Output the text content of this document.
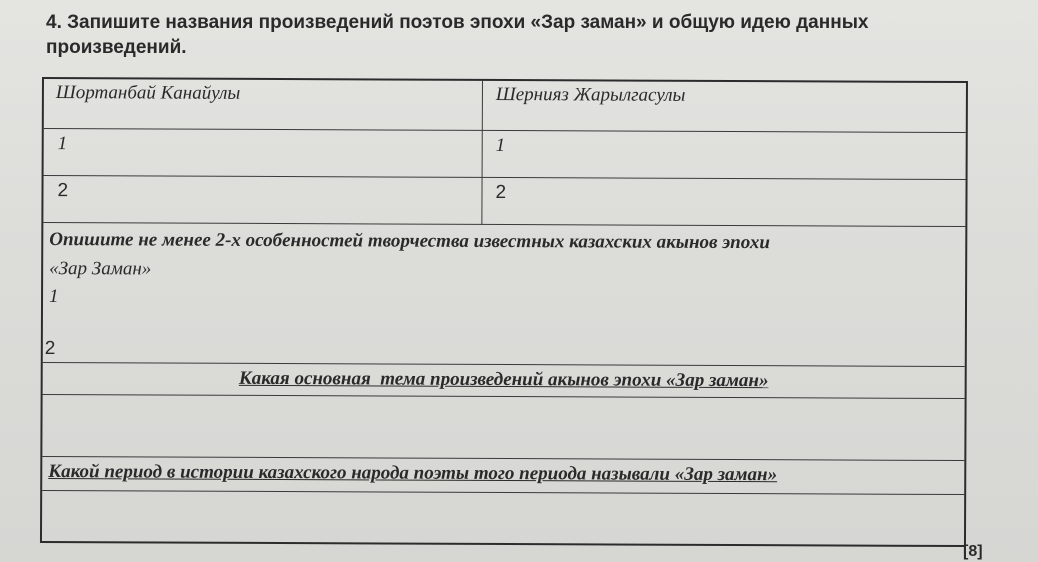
4. Запишите названия произведений поэтов эпохи «Зар заман» и общую идею данных произведений.
Шортанбай Канайулы	Шернияз Жарылгасулы
1	1
2	2
Опишите не менее 2-х особенностей творчества известных казахских акынов эпохи
«Зар Заман»
1
2
Какая основная  тема произведений акынов эпохи «Зар заман»
Какой период в истории казахского народа поэты того периода называли «Зар заман»
[8]
